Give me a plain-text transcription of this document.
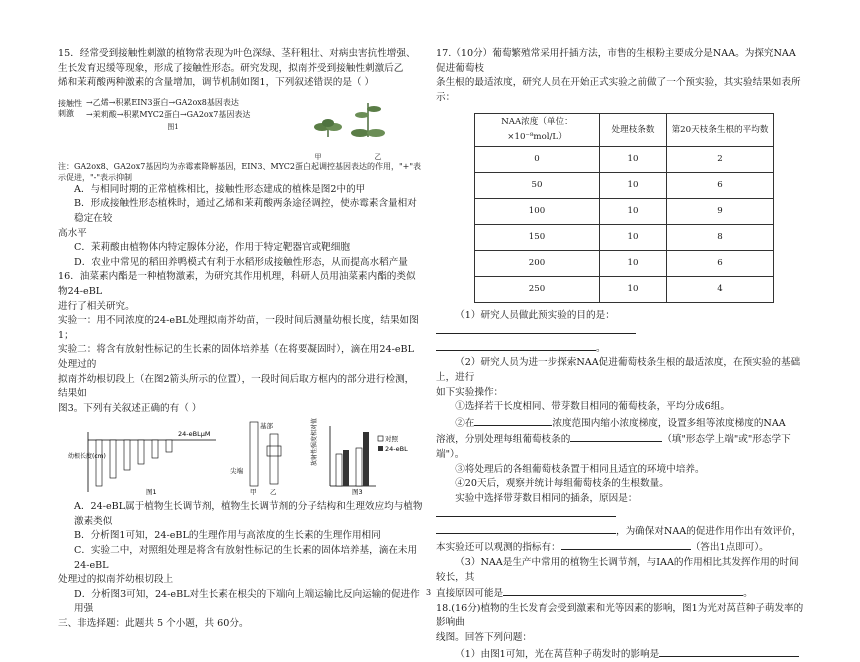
15．经常受到接触性刺激的植物常表现为叶色深绿、茎秆粗壮、对病虫害抗性增强、

生长发育迟缓等现象，形成了接触性形态。研究发现，拟南芥受到接触性刺激后乙

烯和茉莉酸两种激素的含量增加，调节机制如图1，下列叙述错误的是（ ）

接触性刺激
→乙烯→积累EIN3蛋白→GA2ox8基因表达
→茉莉酸→积累MYC2蛋白→GA2ox7基因表达
图1
甲	乙

注：GA2ox8、GA2ox7基因均为赤霉素降解基因，EIN3、MYC2蛋白起调控基因表达的作用，"+"表示促进，"-"表示抑制

A．与相同时期的正常植株相比，接触性形态建成的植株是图2中的甲

B．形成接触性形态植株时，通过乙烯和茉莉酸两条途径调控，使赤霉素含量相对稳定在较

高水平

C．茉莉酸由植物体内特定腺体分泌，作用于特定靶器官或靶细胞

D．农业中常见的稻田养鸭模式有利于水稻形成接触性形态，从而提高水稻产量

16．油菜素内酯是一种植物激素，为研究其作用机理，科研人员用油菜素内酯的类似物24-eBL

进行了相关研究。

实验一：用不同浓度的24-eBL处理拟南芥幼苗，一段时间后测量幼根长度，结果如图1；

实验二：将含有放射性标记的生长素的固体培养基（在将要凝固时），滴在用24-eBL处理过的

拟南芥幼根切段上（在图2箭头所示的位置），一段时间后取方框内的部分进行检测，结果如

图3。下列有关叙述正确的有（ ）

幼根长度(cm)
24-eBLμM
图1
基部
尖端
甲 乙
放射性强度相对值	对照
24-eBL
图3

A．24-eBL属于植物生长调节剂，植物生长调节剂的分子结构和生理效应均与植物激素类似

B．分析图1可知，24-eBL的生理作用与高浓度的生长素的生理作用相同

C．实验二中，对照组处理是将含有放射性标记的生长素的固体培养基，滴在未用24-eBL

处理过的拟南芥幼根切段上

D．分析图3可知，24-eBL对生长素在根尖的下端向上端运输比反向运输的促进作用强

三、非选择题：此题共 5 个小题，共 60分。

17.（10分）葡萄繁殖常采用扦插方法，市售的生根粉主要成分是NAA。为探究NAA促进葡萄枝

条生根的最适浓度，研究人员在开始正式实验之前做了一个预实验，其实验结果如表所示：

NAA浓度（单位：×10⁻⁸mol/L）	处理枝条数	第20天枝条生根的平均数
0	10	2
50	10	6
100	10	9
150	10	8
200	10	6
250	10	4

（1）研究人员做此预实验的目的是：

。

（2）研究人员为进一步探索NAA促进葡萄枝条生根的最适浓度，在预实验的基础上，进行

如下实验操作：

①选择若干长度相同、带芽数目相同的葡萄枝条，平均分成6组。

②在	浓度范围内缩小浓度梯度，设置多组等浓度梯度的NAA

溶液，分别处理每组葡萄枝条的	（填"形态学上端"或"形态学下端"）。

③将处理后的各组葡萄枝条置于相同且适宜的环境中培养。

④20天后，观察并统计每组葡萄枝条的生根数量。

实验中选择带芽数目相同的插条，原因是：

，为确保对NAA的促进作用作出有效评价，

本实验还可以观测的指标有：	（答出1点即可）。

（3）NAA是生产中常用的植物生长调节剂，与IAA的作用相比其发挥作用的时间较长，其

直接原因可能是	。

18.(16分)植物的生长发育会受到激素和光等因素的影响，图1为光对莴苣种子萌发率的影响曲

线图。回答下列问题：

（1）由图1可知，光在莴苣种子萌发时的影响是

3
